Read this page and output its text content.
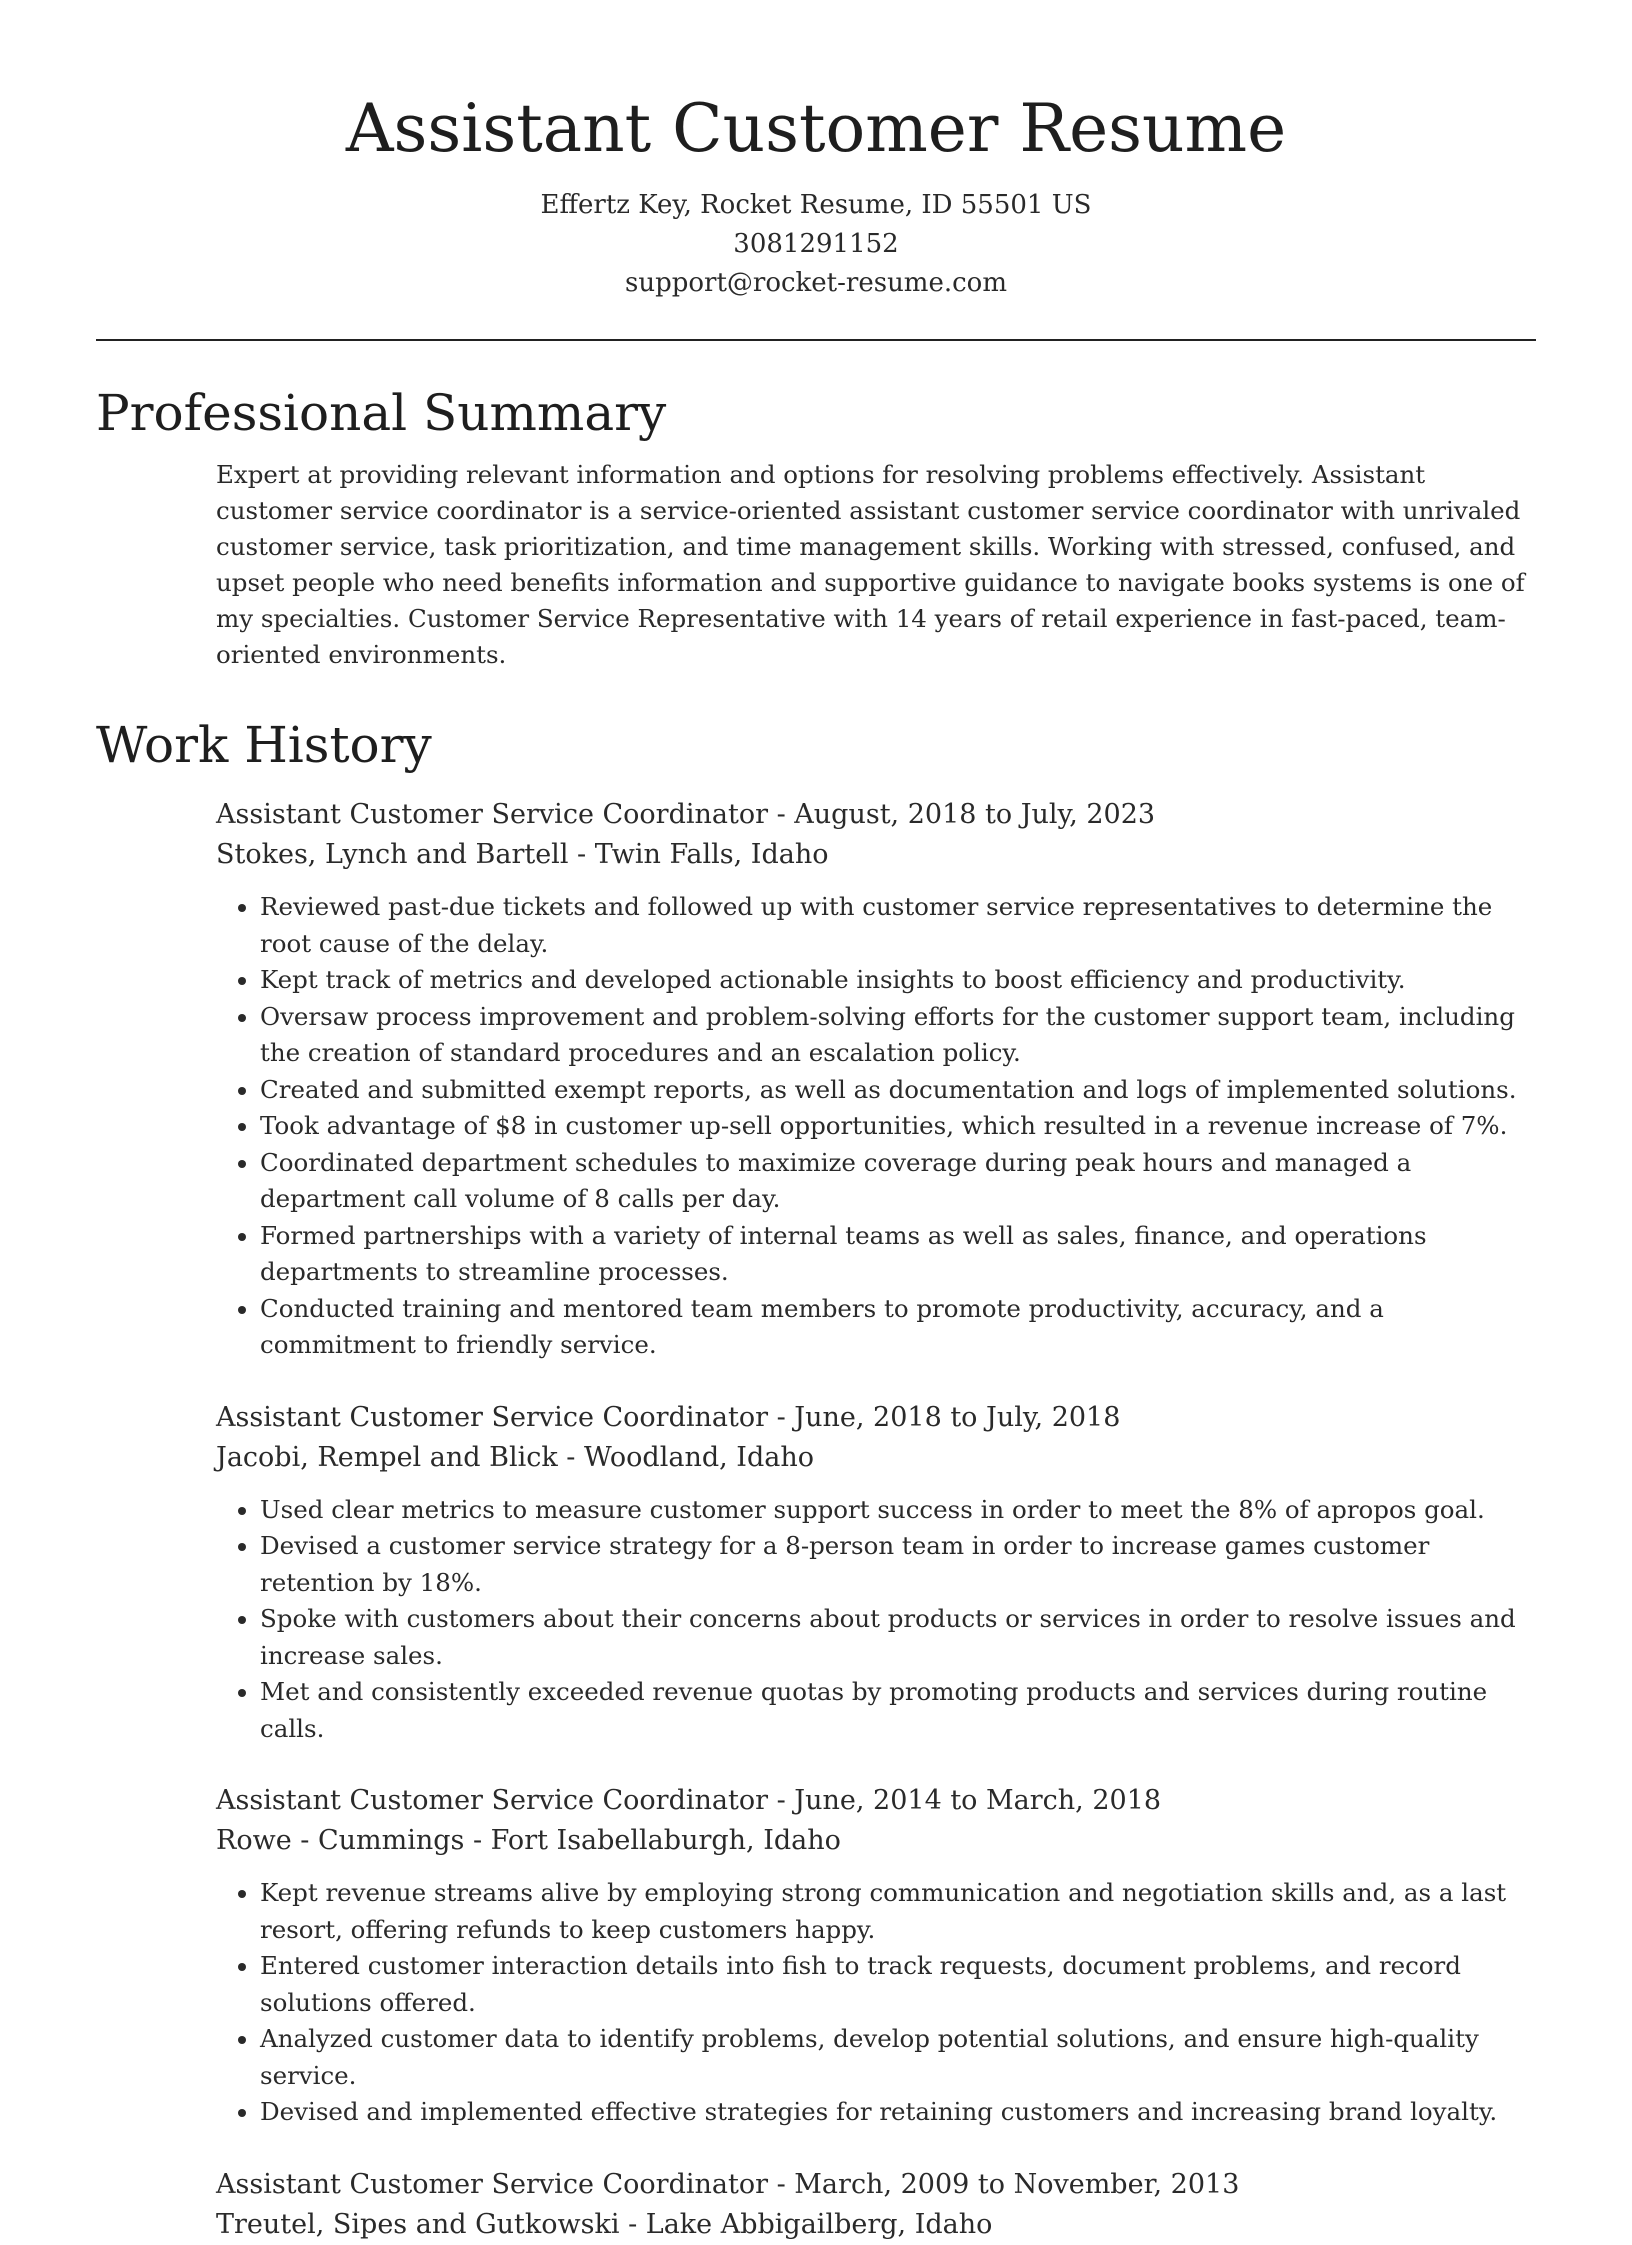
Assistant Customer Resume
Effertz Key, Rocket Resume, ID 55501 US
3081291152
support@rocket-resume.com
Professional Summary
Expert at providing relevant information and options for resolving problems effectively. Assistant customer service coordinator is a service-oriented assistant customer service coordinator with unrivaled customer service, task prioritization, and time management skills. Working with stressed, confused, and upset people who need benefits information and supportive guidance to navigate books systems is one of my specialties. Customer Service Representative with 14 years of retail experience in fast-paced, team-oriented environments.
Work History
Assistant Customer Service Coordinator - August, 2018 to July, 2023
Stokes, Lynch and Bartell - Twin Falls, Idaho
• Reviewed past-due tickets and followed up with customer service representatives to determine the root cause of the delay.
• Kept track of metrics and developed actionable insights to boost efficiency and productivity.
• Oversaw process improvement and problem-solving efforts for the customer support team, including the creation of standard procedures and an escalation policy.
• Created and submitted exempt reports, as well as documentation and logs of implemented solutions.
• Took advantage of $8 in customer up-sell opportunities, which resulted in a revenue increase of 7%.
• Coordinated department schedules to maximize coverage during peak hours and managed a department call volume of 8 calls per day.
• Formed partnerships with a variety of internal teams as well as sales, finance, and operations departments to streamline processes.
• Conducted training and mentored team members to promote productivity, accuracy, and a commitment to friendly service.
Assistant Customer Service Coordinator - June, 2018 to July, 2018
Jacobi, Rempel and Blick - Woodland, Idaho
• Used clear metrics to measure customer support success in order to meet the 8% of apropos goal.
• Devised a customer service strategy for a 8-person team in order to increase games customer retention by 18%.
• Spoke with customers about their concerns about products or services in order to resolve issues and increase sales.
• Met and consistently exceeded revenue quotas by promoting products and services during routine calls.
Assistant Customer Service Coordinator - June, 2014 to March, 2018
Rowe - Cummings - Fort Isabellaburgh, Idaho
• Kept revenue streams alive by employing strong communication and negotiation skills and, as a last resort, offering refunds to keep customers happy.
• Entered customer interaction details into fish to track requests, document problems, and record solutions offered.
• Analyzed customer data to identify problems, develop potential solutions, and ensure high-quality service.
• Devised and implemented effective strategies for retaining customers and increasing brand loyalty.
Assistant Customer Service Coordinator - March, 2009 to November, 2013
Treutel, Sipes and Gutkowski - Lake Abbigailberg, Idaho
